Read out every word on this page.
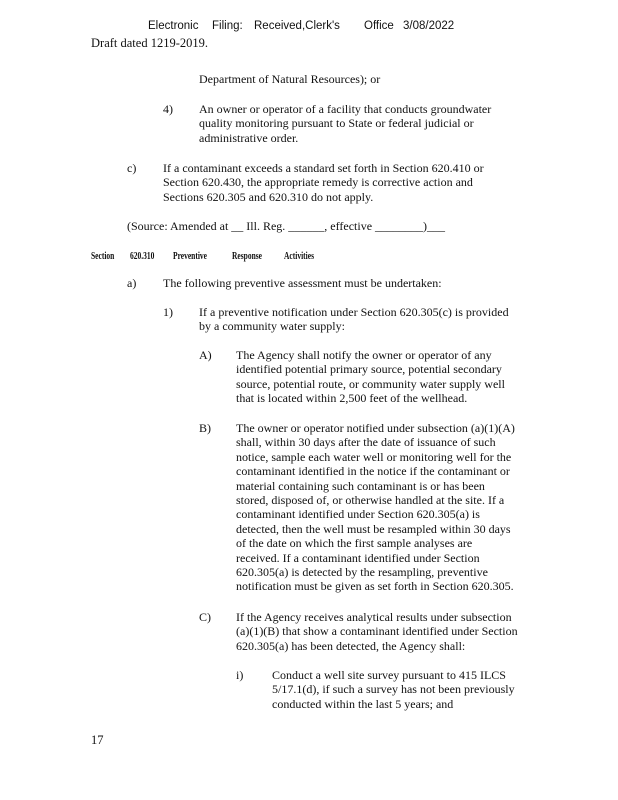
Electronic Filing: Received,Clerk's Office 3/08/2022
Draft dated 1219-2019.
Department of Natural Resources); or
4) An owner or operator of a facility that conducts groundwater
quality monitoring pursuant to State or federal judicial or
administrative order.
c) If a contaminant exceeds a standard set forth in Section 620.410 or
Section 620.430, the appropriate remedy is corrective action and
Sections 620.305 and 620.310 do not apply.
(Source: Amended at __ Ill. Reg. ______, effective ________)___
Section 620.310 Preventive	Response	Activities
a) The following preventive assessment must be undertaken:
1) If a preventive notification under Section 620.305(c) is provided
by a community water supply:
A) The Agency shall notify the owner or operator of any
identified potential primary source, potential secondary
source, potential route, or community water supply well
that is located within 2,500 feet of the wellhead.
B) The owner or operator notified under subsection (a)(1)(A)
shall, within 30 days after the date of issuance of such
notice, sample each water well or monitoring well for the
contaminant identified in the notice if the contaminant or
material containing such contaminant is or has been
stored, disposed of, or otherwise handled at the site. If a
contaminant identified under Section 620.305(a) is
detected, then the well must be resampled within 30 days
of the date on which the first sample analyses are
received. If a contaminant identified under Section
620.305(a) is detected by the resampling, preventive
notification must be given as set forth in Section 620.305.
C) If the Agency receives analytical results under subsection
(a)(1)(B) that show a contaminant identified under Section
620.305(a) has been detected, the Agency shall:
i) Conduct a well site survey pursuant to 415 ILCS
5/17.1(d), if such a survey has not been previously
conducted within the last 5 years; and
17
